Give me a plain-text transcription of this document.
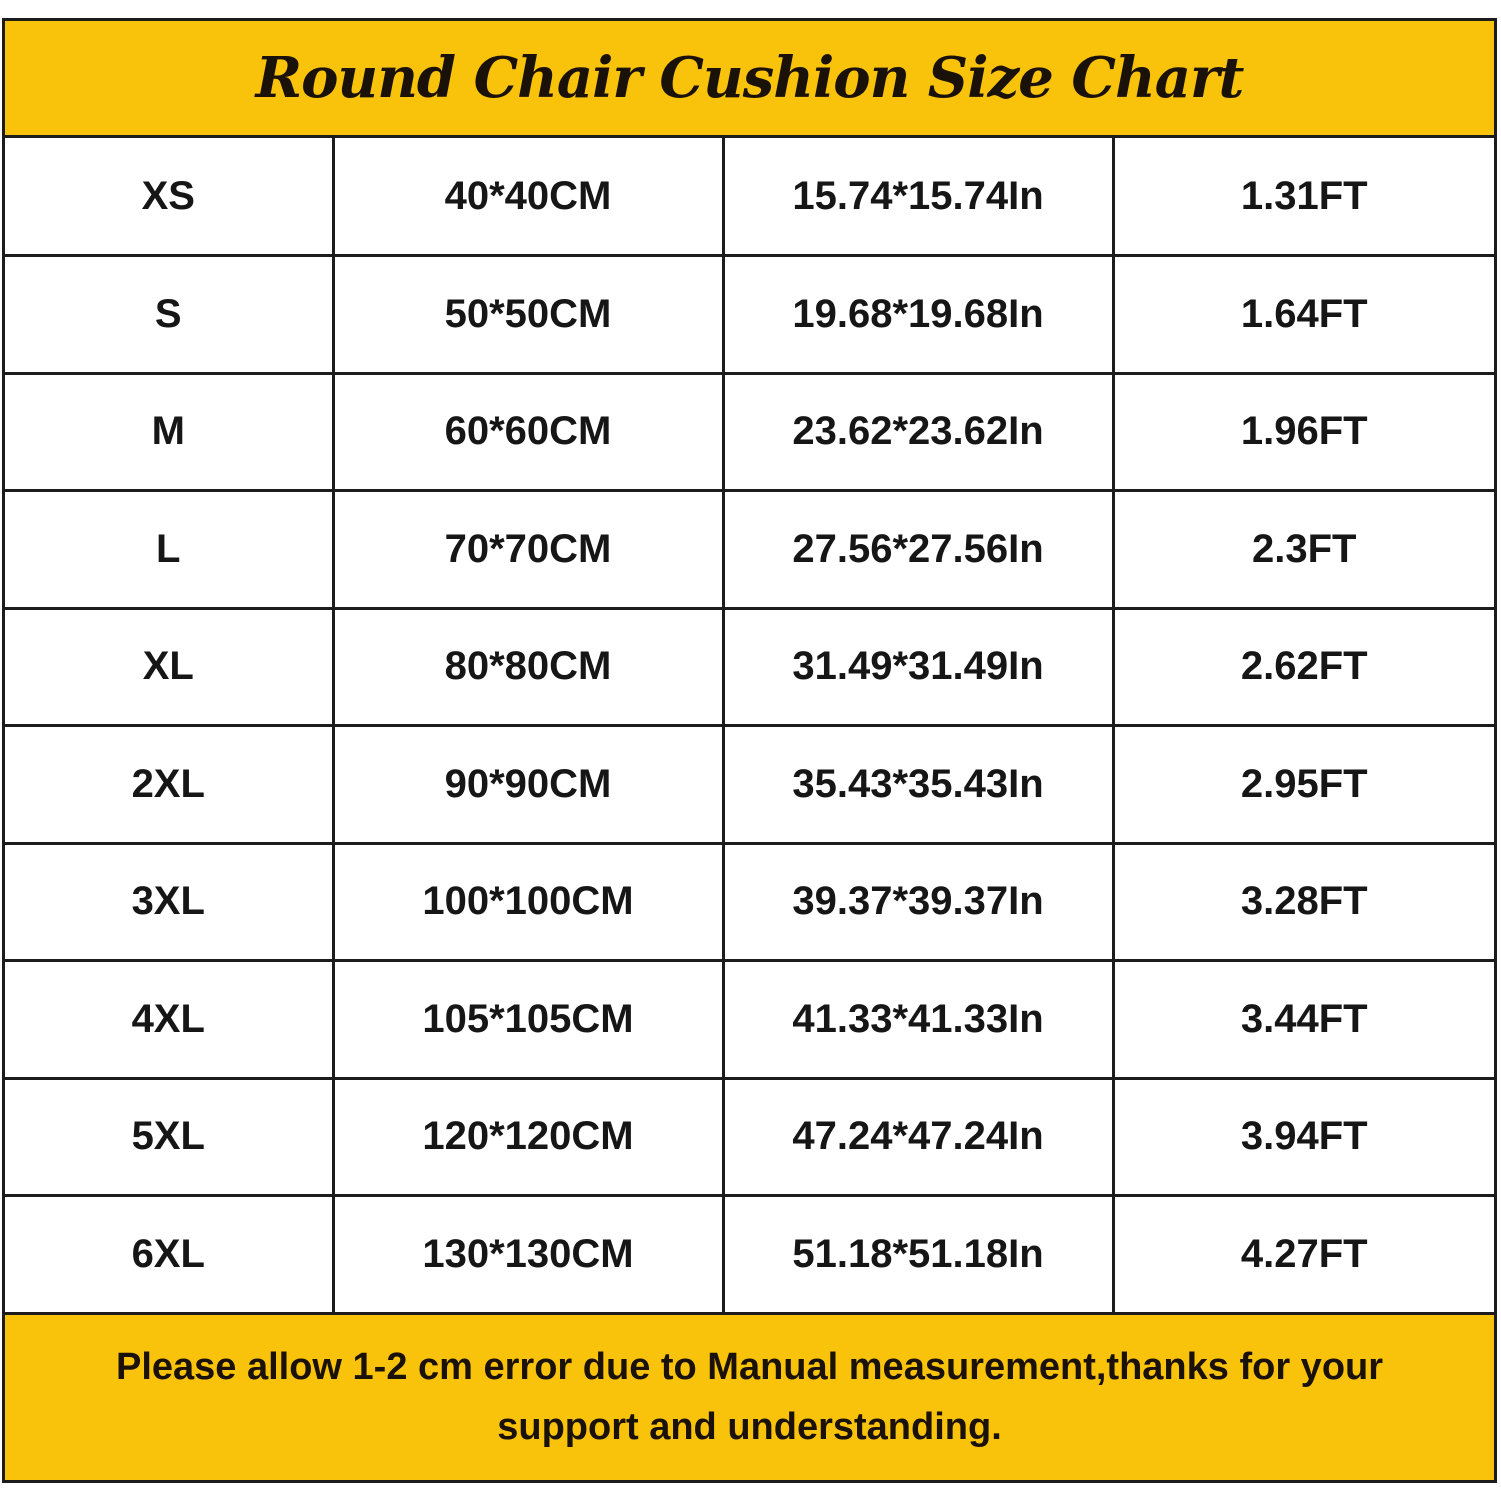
Round Chair Cushion Size Chart
XS	40*40CM	15.74*15.74In	1.31FT
S	50*50CM	19.68*19.68In	1.64FT
M	60*60CM	23.62*23.62In	1.96FT
L	70*70CM	27.56*27.56In	2.3FT
XL	80*80CM	31.49*31.49In	2.62FT
2XL	90*90CM	35.43*35.43In	2.95FT
3XL	100*100CM	39.37*39.37In	3.28FT
4XL	105*105CM	41.33*41.33In	3.44FT
5XL	120*120CM	47.24*47.24In	3.94FT
6XL	130*130CM	51.18*51.18In	4.27FT
Please allow 1-2 cm error due to Manual measurement,thanks for your support and understanding.
